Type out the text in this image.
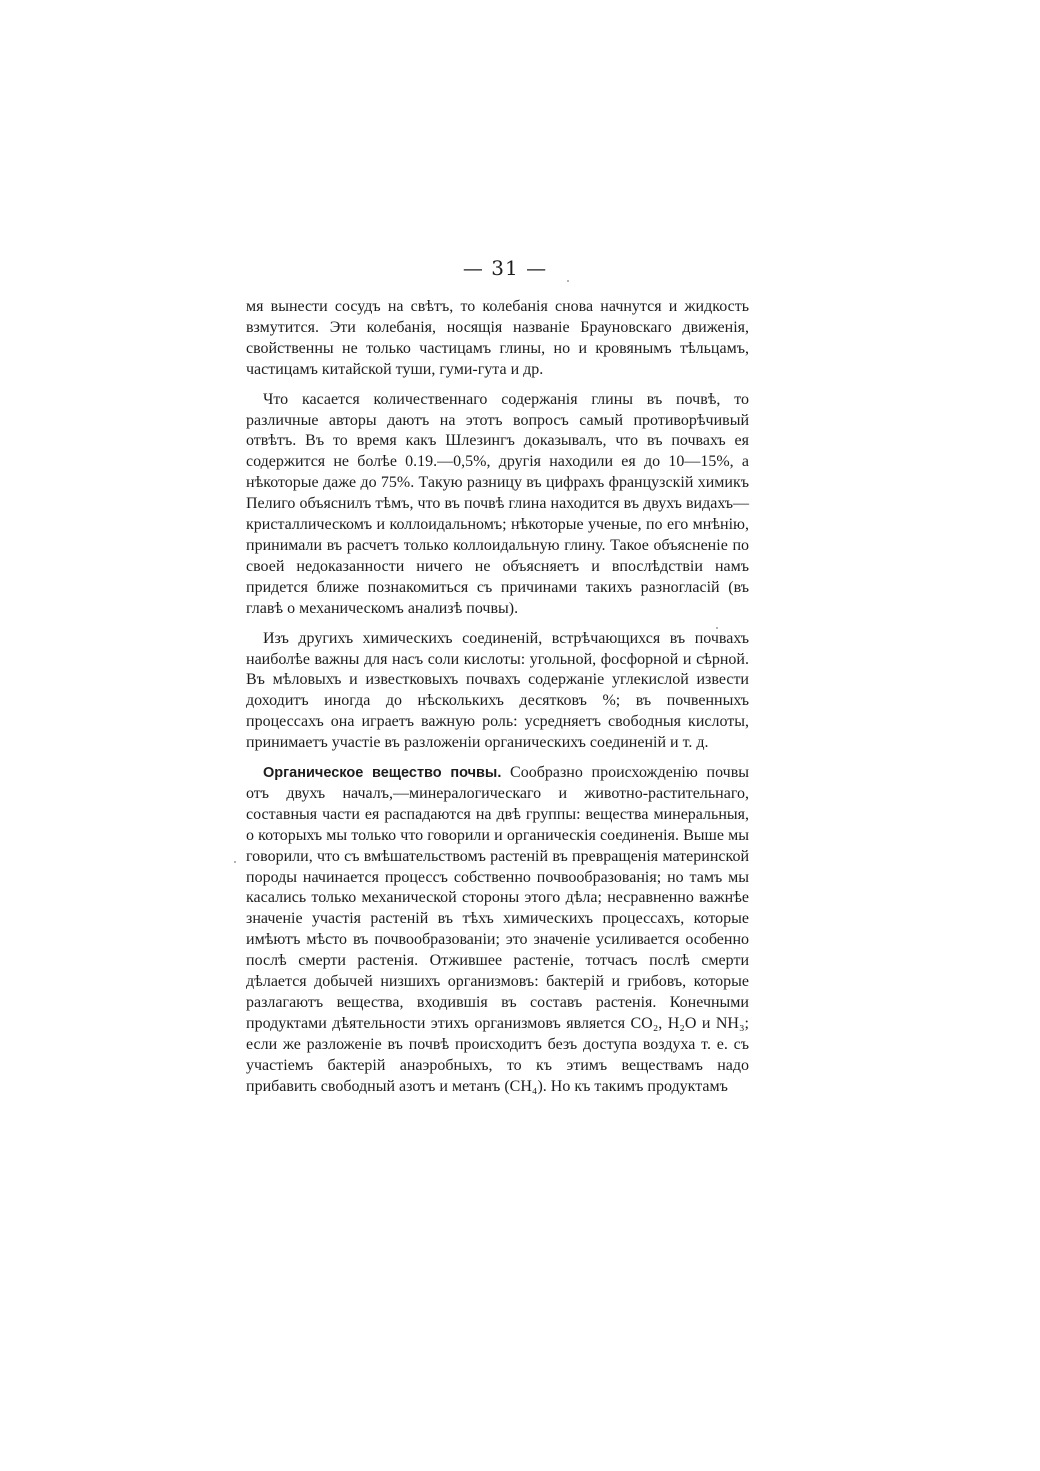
— 31 —

мя вынести сосудъ на свѣтъ, то колебанія снова начнутся и жидкость взмутится. Эти колебанія, носящія названіе Брауновскаго движенія, свойственны не только частицамъ глины, но и кровянымъ тѣльцамъ, частицамъ китайской туши, гуми-гута и др.

Что касается количественнаго содержанія глины въ почвѣ, то различные авторы даютъ на этотъ вопросъ самый противорѣчивый отвѣтъ. Въ то время какъ Шлезингъ доказывалъ, что въ почвахъ ея содержится не болѣе 0.19.—0,5%, другія находили ея до 10—15%, а нѣкоторые даже до 75%. Такую разницу въ цифрахъ французскій химикъ Пелиго объяснилъ тѣмъ, что въ почвѣ глина находится въ двухъ видахъ—кристаллическомъ и коллоидальномъ; нѣкоторые ученые, по его мнѣнію, принимали въ расчетъ только коллоидальную глину. Такое объясненіе по своей недоказанности ничего не объясняетъ и впослѣдствіи намъ придется ближе познакомиться съ причинами такихъ разногласій (въ главѣ о механическомъ анализѣ почвы).

Изъ другихъ химическихъ соединеній, встрѣчающихся въ почвахъ наиболѣе важны для насъ соли кислоты: угольной, фосфорной и сѣрной. Въ мѣловыхъ и известковыхъ почвахъ содержаніе углекислой извести доходитъ иногда до нѣсколькихъ десятковъ %; въ почвенныхъ процессахъ она играетъ важную роль: усредняетъ свободныя кислоты, принимаетъ участіе въ разложеніи органическихъ соединеній и т. д.

Органическое вещество почвы. Сообразно происхожденію почвы отъ двухъ началъ,—минералогическаго и животно-растительнаго, составныя части ея распадаются на двѣ группы: вещества минеральныя, о которыхъ мы только что говорили и органическія соединенія. Выше мы говорили, что съ вмѣшательствомъ растеній въ превращенія материнской породы начинается процессъ собственно почвообразованія; но тамъ мы касались только механической стороны этого дѣла; несравненно важнѣе значеніе участія растеній въ тѣхъ химическихъ процессахъ, которые имѣютъ мѣсто въ почвообразованіи; это значеніе усиливается особенно послѣ смерти растенія. Отжившее растеніе, тотчасъ послѣ смерти дѣлается добычей низшихъ организмовъ: бактерій и грибовъ, которые разлагаютъ вещества, входившія въ составъ растенія. Конечными продуктами дѣятельности этихъ организмовъ является CO₂, H₂O и NH₃; если же разложеніе въ почвѣ происходитъ безъ доступа воздуха т. е. съ участіемъ бактерій анаэробныхъ, то къ этимъ веществамъ надо прибавить свободный азотъ и метанъ (CH₄). Но къ такимъ продуктамъ
